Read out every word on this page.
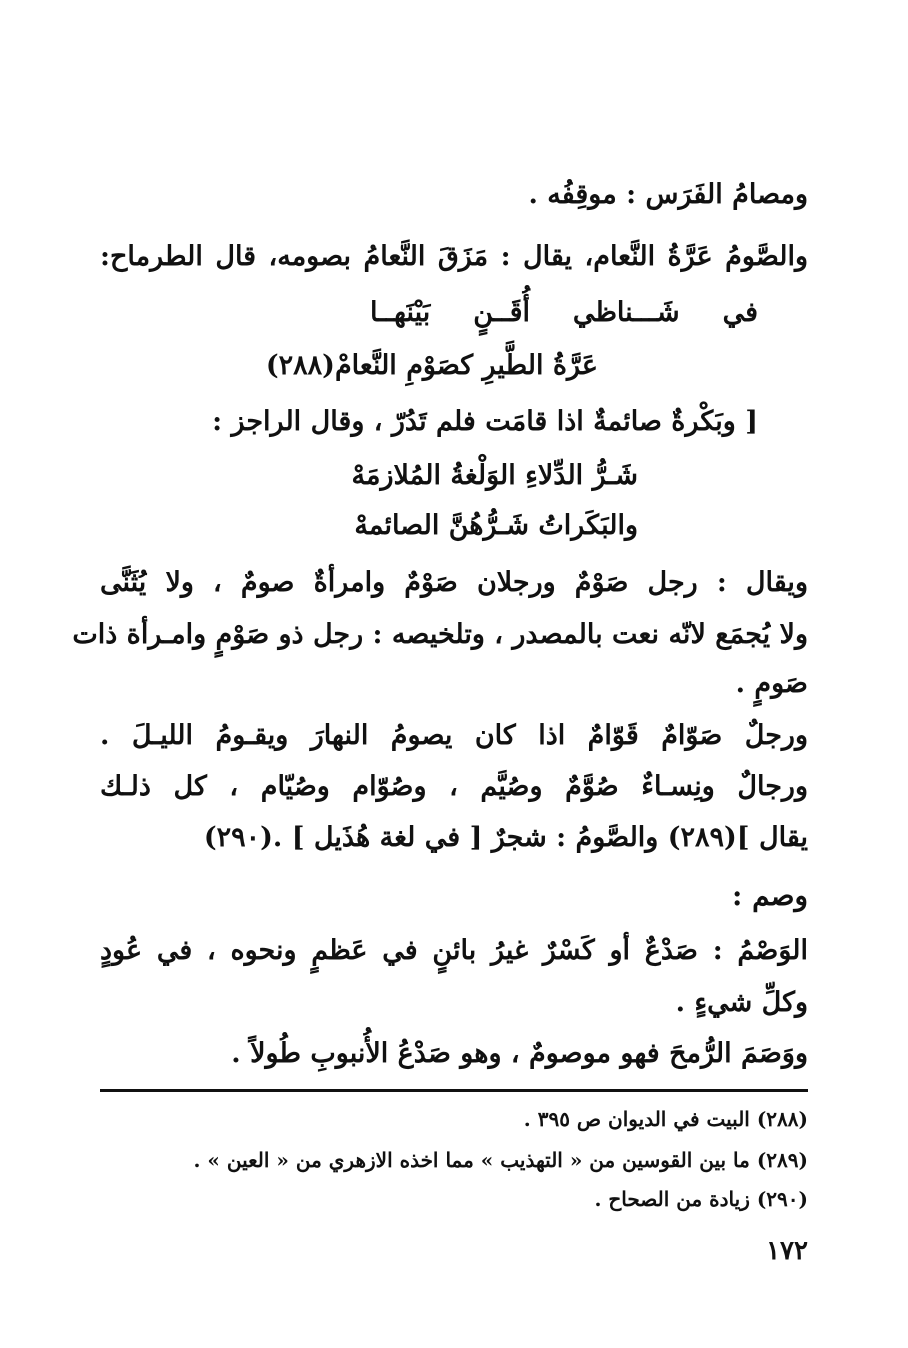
ومصامُ الفَرَس : موقِفُه .
والصَّومُ عَرَّةُ النَّعام، يقال : مَزَقَ النَّعامُ بصومه، قال الطرماح:
في شَـــناظي أُقَــنٍ بَيْنَهــا
عَرَّةُ الطَّيرِ كصَوْمِ النَّعامْ(٢٨٨)
[ وبَكْرةٌ صائمةٌ اذا قامَت فلم تَدُرّ ، وقال الراجز :
شَـرُّ الدِّلاءِ الوَلْغةُ المُلازمَهْ
والبَكَراتُ شَـرُّهُنَّ الصائمهْ
ويقال : رجل صَوْمٌ ورجلان صَوْمٌ وامرأةٌ صومٌ ، ولا يُثَنَّى
ولا يُجمَع لانّه نعت بالمصدر ، وتلخيصه : رجل ذو صَوْمٍ وامـرأة ذات
صَومٍ .
ورجلٌ صَوّامٌ قَوّامٌ اذا كان يصومُ النهارَ ويقـومُ الليـلَ .
ورجالٌ ونِسـاءٌ صُوَّمٌ وصُيَّم ، وصُوّام وصُيّام ، كل ذلـك
يقال ](٢٨٩) والصَّومُ : شجرٌ [ في لغة هُذَيل ] .(٢٩٠)
وصم :
الوَصْمُ : صَدْعٌ أو كَسْرٌ غيرُ بائنٍ في عَظمٍ ونحوه ، في عُودٍ
وكلِّ شيءٍ .
ووَصَمَ الرُّمحَ فهو موصومٌ ، وهو صَدْعُ الأُنبوبِ طُولاً .
(٢٨٨) البيت في الديوان ص ٣٩٥ .
(٢٨٩) ما بين القوسين من « التهذيب » مما اخذه الازهري من « العين » .
(٢٩٠) زيادة من الصحاح .
١٧٢
